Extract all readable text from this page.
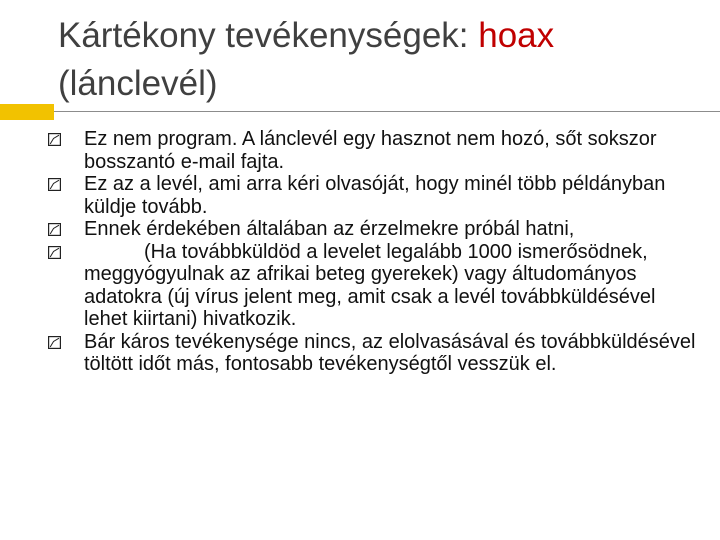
Kártékony tevékenységek: hoax
(lánclevél)
Ez nem program. A lánclevél egy hasznot nem hozó, sőt sokszor bosszantó e-mail fajta.
Ez az a levél, ami arra kéri olvasóját, hogy minél több példányban küldje tovább.
Ennek érdekében általában az érzelmekre próbál hatni,
(Ha továbbküldöd a levelet legalább 1000 ismerősödnek, meggyógyulnak az afrikai beteg gyerekek) vagy áltudományos adatokra (új vírus jelent meg, amit csak a levél továbbküldésével lehet kiirtani) hivatkozik.
Bár káros tevékenysége nincs, az elolvasásával és továbbküldésével töltött időt más, fontosabb tevékenységtől vesszük el.
